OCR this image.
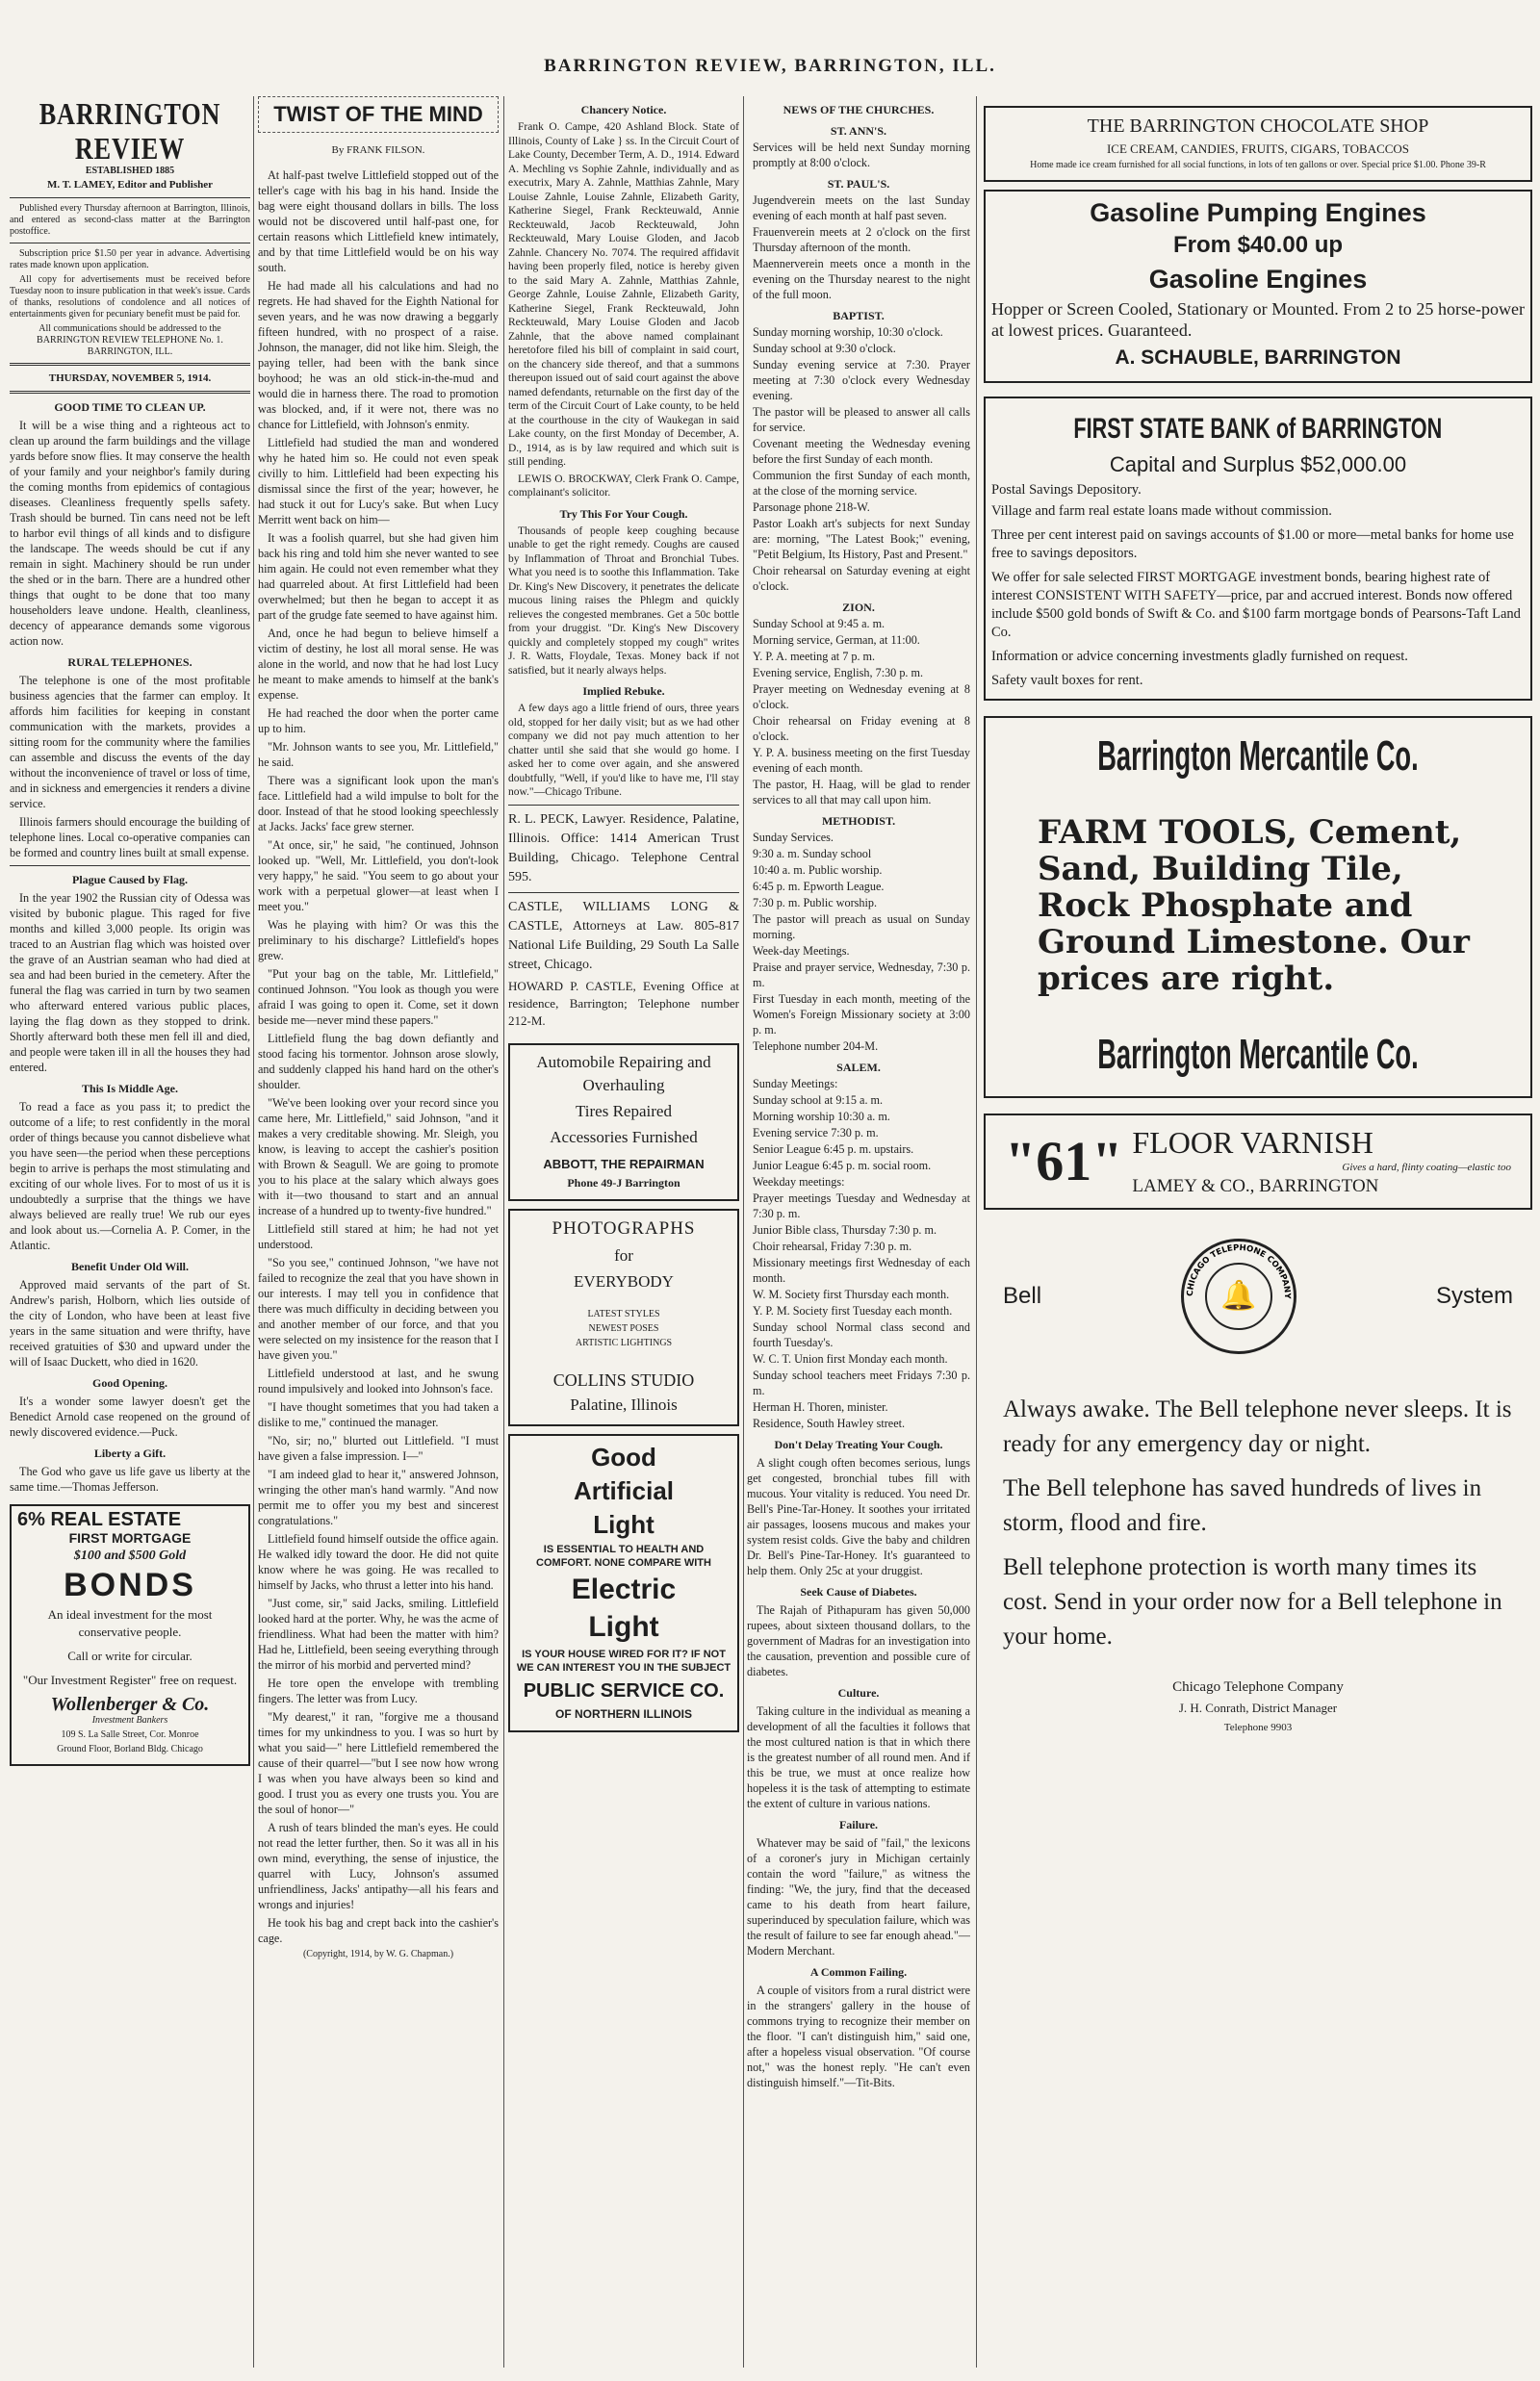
BARRINGTON REVIEW, BARRINGTON, ILL.
BARRINGTON REVIEW
ESTABLISHED 1885
M. T. LAMEY, Editor and Publisher

Published every Thursday afternoon at Barrington, Illinois, and entered as second-class matter at the Barrington postoffice.

Subscription price $1.50 per year in advance. Advertising rates made known upon application.

All copy for advertisements must be received before Tuesday noon to insure publication in that week's issue. Cards of thanks, resolutions of condolence and all notices of entertainments given for pecuniary benefit must be paid for.

All communications should be addressed to the BARRINGTON REVIEW TELEPHONE No. 1. BARRINGTON, ILL.

THURSDAY, NOVEMBER 5, 1914.
GOOD TIME TO CLEAN UP.

It will be a wise thing and a righteous act to clean up around the farm buildings and the village yards before snow flies. It may conserve the health of your family and your neighbor's family during the coming months from epidemics of contagious diseases. Cleanliness frequently spells safety. Trash should be burned. Tin cans need not be left to harbor evil things of all kinds and to disfigure the landscape. The weeds should be cut if any remain in sight. Machinery should be run under the shed or in the barn. There are a hundred other things that ought to be done that too many householders leave undone. Health, cleanliness, decency of appearance demands some vigorous action now.

RURAL TELEPHONES.

The telephone is one of the most profitable business agencies that the farmer can employ. It affords him facilities for keeping in constant communication with the markets, provides a sitting room for the community where the families can assemble and discuss the events of the day without the inconvenience of travel or loss of time, and in sickness and emergencies it renders a divine service.

Illinois farmers should encourage the building of telephone lines. Local co-operative companies can be formed and country lines built at small expense.

Plague Caused by Flag.

In the year 1902 the Russian city of Odessa was visited by bubonic plague. This raged for five months and killed 3,000 people. Its origin was traced to an Austrian flag which was hoisted over the grave of an Austrian seaman who had died at sea and had been buried in the cemetery. After the funeral the flag was carried in turn by two seamen who afterward entered various public places, laying the flag down as they stopped to drink. Shortly afterward both these men fell ill and died, and people were taken ill in all the houses they had entered.

This Is Middle Age.

To read a face as you pass it; to predict the outcome of a life; to rest confidently in the moral order of things because you cannot disbelieve what you have seen—the period when these perceptions begin to arrive is perhaps the most stimulating and exciting of our whole lives. For to most of us it is undoubtedly a surprise that the things we have always believed are really true! We rub our eyes and look about us.—Cornelia A. P. Comer, in the Atlantic.

Benefit Under Old Will.

Approved maid servants of the part of St. Andrew's parish, Holborn, which lies outside of the city of London, who have been at least five years in the same situation and were thrifty, have received gratuities of $30 and upward under the will of Isaac Duckett, who died in 1620.

Good Opening.

It's a wonder some lawyer doesn't get the Benedict Arnold case reopened on the ground of newly discovered evidence.—Puck.

Liberty a Gift.

The God who gave us life gave us liberty at the same time.—Thomas Jefferson.

6% REAL ESTATE

FIRST MORTGAGE

$100 and $500 Gold

BONDS

An ideal investment for the most conservative people.

Call or write for circular.

"Our Investment Register" free on request.

Wollenberger & Co.

Investment Bankers

109 S. La Salle Street, Cor. Monroe

Ground Floor, Borland Bldg. Chicago

TWIST OF THE MIND
By FRANK FILSON.

At half-past twelve Littlefield stopped out of the teller's cage with his bag in his hand. Inside the bag were eight thousand dollars in bills. The loss would not be discovered until half-past one, for certain reasons which Littlefield knew intimately, and by that time Littlefield would be on his way south.

He had made all his calculations and had no regrets. He had shaved for the Eighth National for seven years, and he was now drawing a beggarly fifteen hundred, with no prospect of a raise. Johnson, the manager, did not like him. Sleigh, the paying teller, had been with the bank since boyhood; he was an old stick-in-the-mud and would die in harness there. The road to promotion was blocked, and, if it were not, there was no chance for Littlefield, with Johnson's enmity.

Littlefield had studied the man and wondered why he hated him so. He could not even speak civilly to him. Littlefield had been expecting his dismissal since the first of the year; however, he had stuck it out for Lucy's sake. But when Lucy Merritt went back on him—

It was a foolish quarrel, but she had given him back his ring and told him she never wanted to see him again. He could not even remember what they had quarreled about. At first Littlefield had been overwhelmed; but then he began to accept it as part of the grudge fate seemed to have against him.

And, once he had begun to believe himself a victim of destiny, he lost all moral sense. He was alone in the world, and now that he had lost Lucy he meant to make amends to himself at the bank's expense.

He had reached the door when the porter came up to him.

"Mr. Johnson wants to see you, Mr. Littlefield," he said.

There was a significant look upon the man's face. Littlefield had a wild impulse to bolt for the door. Instead of that he stood looking speechlessly at Jacks. Jacks' face grew sterner.

"At once, sir," he said, "he continued, Johnson looked up. "Well, Mr. Littlefield, you don't-look very happy," he said. "You seem to go about your work with a perpetual glower—at least when I meet you."

Was he playing with him? Or was this the preliminary to his discharge? Littlefield's hopes grew.

"Put your bag on the table, Mr. Littlefield," continued Johnson. "You look as though you were afraid I was going to open it. Come, set it down beside me—never mind these papers."

Littlefield flung the bag down defiantly and stood facing his tormentor. Johnson arose slowly, and suddenly clapped his hand hard on the other's shoulder.

"We've been looking over your record since you came here, Mr. Littlefield," said Johnson, "and it makes a very creditable showing. Mr. Sleigh, you know, is leaving to accept the cashier's position with Brown & Seagull. We are going to promote you to his place at the salary which always goes with it—two thousand to start and an annual increase of a hundred up to twenty-five hundred."

Littlefield still stared at him; he had not yet understood.

"So you see," continued Johnson, "we have not failed to recognize the zeal that you have shown in our interests. I may tell you in confidence that there was much difficulty in deciding between you and another member of our force, and that you were selected on my insistence for the reason that I have given you."

Littlefield understood at last, and he swung round impulsively and looked into Johnson's face.

"I have thought sometimes that you had taken a dislike to me," continued the manager.

"No, sir; no," blurted out Littlefield. "I must have given a false impression. I—"

"I am indeed glad to hear it," answered Johnson, wringing the other man's hand warmly. "And now permit me to offer you my best and sincerest congratulations."

Littlefield found himself outside the office again. He walked idly toward the door. He did not quite know where he was going. He was recalled to himself by Jacks, who thrust a letter into his hand.

"Just come, sir," said Jacks, smiling. Littlefield looked hard at the porter. Why, he was the acme of friendliness. What had been the matter with him? Had he, Littlefield, been seeing everything through the mirror of his morbid and perverted mind?

He tore open the envelope with trembling fingers. The letter was from Lucy.

"My dearest," it ran, "forgive me a thousand times for my unkindness to you. I was so hurt by what you said—" here Littlefield remembered the cause of their quarrel—"but I see now how wrong I was when you have always been so kind and good. I trust you as every one trusts you. You are the soul of honor—"

A rush of tears blinded the man's eyes. He could not read the letter further, then. So it was all in his own mind, everything, the sense of injustice, the quarrel with Lucy, Johnson's assumed unfriendliness, Jacks' antipathy—all his fears and wrongs and injuries!

He took his bag and crept back into the cashier's cage.

(Copyright, 1914, by W. G. Chapman.)

Chancery Notice.

Frank O. Campe, 420 Ashland Block. State of Illinois, County of Lake } ss. In the Circuit Court of Lake County, December Term, A. D., 1914. Edward A. Mechling vs Sophie Zahnle, individually and as executrix, Mary A. Zahnle, Matthias Zahnle, Mary Louise Zahnle, Louise Zahnle, Elizabeth Garity, Katherine Siegel, Frank Reckteuwald, Annie Reckteuwald, Jacob Reckteuwald, John Reckteuwald, Mary Louise Gloden, and Jacob Zahnle. Chancery No. 7074. The required affidavit having been properly filed, notice is hereby given to the said Mary A. Zahnle, Matthias Zahnle, George Zahnle, Louise Zahnle, Elizabeth Garity, Katherine Siegel, Frank Reckteuwald, John Reckteuwald, Mary Louise Gloden and Jacob Zahnle, that the above named complainant heretofore filed his bill of complaint in said court, on the chancery side thereof, and that a summons thereupon issued out of said court against the above named defendants, returnable on the first day of the term of the Circuit Court of Lake county, to be held at the courthouse in the city of Waukegan in said Lake county, on the first Monday of December, A. D., 1914, as is by law required and which suit is still pending.

LEWIS O. BROCKWAY, Clerk Frank O. Campe, complainant's solicitor.

Try This For Your Cough.

Thousands of people keep coughing because unable to get the right remedy. Coughs are caused by Inflammation of Throat and Bronchial Tubes. What you need is to soothe this Inflammation. Take Dr. King's New Discovery, it penetrates the delicate mucous lining raises the Phlegm and quickly relieves the congested membranes. Get a 50c bottle from your druggist. "Dr. King's New Discovery quickly and completely stopped my cough" writes J. R. Watts, Floydale, Texas. Money back if not satisfied, but it nearly always helps.

Implied Rebuke.

A few days ago a little friend of ours, three years old, stopped for her daily visit; but as we had other company we did not pay much attention to her chatter until she said that she would go home. I asked her to come over again, and she answered doubtfully, "Well, if you'd like to have me, I'll stay now."—Chicago Tribune.

R. L. PECK, Lawyer. Residence, Palatine, Illinois. Office: 1414 American Trust Building, Chicago. Telephone Central 595.

CASTLE, WILLIAMS LONG & CASTLE, Attorneys at Law. 805-817 National Life Building, 29 South La Salle street, Chicago.

HOWARD P. CASTLE, Evening Office at residence, Barrington; Telephone number 212-M.

Automobile Repairing and Overhauling

Tires Repaired

Accessories Furnished

ABBOTT, THE REPAIRMAN

Phone 49-J Barrington

PHOTOGRAPHS

for

EVERYBODY

LATEST STYLES

NEWEST POSES

ARTISTIC LIGHTINGS

COLLINS STUDIO

Palatine, Illinois

Good

Artificial

Light

IS ESSENTIAL TO HEALTH AND COMFORT. NONE COMPARE WITH

Electric

Light

IS YOUR HOUSE WIRED FOR IT? IF NOT WE CAN INTEREST YOU IN THE SUBJECT

PUBLIC SERVICE CO.

OF NORTHERN ILLINOIS

NEWS OF THE CHURCHES.

ST. ANN'S.

Services will be held next Sunday morning promptly at 8:00 o'clock.

ST. PAUL'S.

Jugendverein meets on the last Sunday evening of each month at half past seven.

Frauenverein meets at 2 o'clock on the first Thursday afternoon of the month.

Maennerverein meets once a month in the evening on the Thursday nearest to the night of the full moon.

BAPTIST.

Sunday morning worship, 10:30 o'clock.

Sunday school at 9:30 o'clock.

Sunday evening service at 7:30. Prayer meeting at 7:30 o'clock every Wednesday evening.

The pastor will be pleased to answer all calls for service.

Covenant meeting the Wednesday evening before the first Sunday of each month.

Communion the first Sunday of each month, at the close of the morning service.

Parsonage phone 218-W.

Pastor Loakh art's subjects for next Sunday are: morning, "The Latest Book;" evening, "Petit Belgium, Its History, Past and Present."

Choir rehearsal on Saturday evening at eight o'clock.

ZION.

Sunday School at 9:45 a. m.

Morning service, German, at 11:00.

Y. P. A. meeting at 7 p. m.

Evening service, English, 7:30 p. m.

Prayer meeting on Wednesday evening at 8 o'clock.

Choir rehearsal on Friday evening at 8 o'clock.

Y. P. A. business meeting on the first Tuesday evening of each month.

The pastor, H. Haag, will be glad to render services to all that may call upon him.

METHODIST.

Sunday Services.

9:30 a. m. Sunday school

10:40 a. m. Public worship.

6:45 p. m. Epworth League.

7:30 p. m. Public worship.

The pastor will preach as usual on Sunday morning.

Week-day Meetings.

Praise and prayer service, Wednesday, 7:30 p. m.

First Tuesday in each month, meeting of the Women's Foreign Missionary society at 3:00 p. m.

Telephone number 204-M.

SALEM.

Sunday Meetings:

Sunday school at 9:15 a. m.

Morning worship 10:30 a. m.

Evening service 7:30 p. m.

Senior League 6:45 p. m. upstairs.

Junior League 6:45 p. m. social room.

Weekday meetings:

Prayer meetings Tuesday and Wednesday at 7:30 p. m.

Junior Bible class, Thursday 7:30 p. m.

Choir rehearsal, Friday 7:30 p. m.

Missionary meetings first Wednesday of each month.

W. M. Society first Thursday each month.

Y. P. M. Society first Tuesday each month.

Sunday school Normal class second and fourth Tuesday's.

W. C. T. Union first Monday each month.

Sunday school teachers meet Fridays 7:30 p. m.

Herman H. Thoren, minister.

Residence, South Hawley street.

Don't Delay Treating Your Cough.

A slight cough often becomes serious, lungs get congested, bronchial tubes fill with mucous. Your vitality is reduced. You need Dr. Bell's Pine-Tar-Honey. It soothes your irritated air passages, loosens mucous and makes your system resist colds. Give the baby and children Dr. Bell's Pine-Tar-Honey. It's guaranteed to help them. Only 25c at your druggist.

Seek Cause of Diabetes.

The Rajah of Pithapuram has given 50,000 rupees, about sixteen thousand dollars, to the government of Madras for an investigation into the causation, prevention and possible cure of diabetes.

Culture.

Taking culture in the individual as meaning a development of all the faculties it follows that the most cultured nation is that in which there is the greatest number of all round men. And if this be true, we must at once realize how hopeless it is the task of attempting to estimate the extent of culture in various nations.

Failure.

Whatever may be said of "fail," the lexicons of a coroner's jury in Michigan certainly contain the word "failure," as witness the finding: "We, the jury, find that the deceased came to his death from heart failure, superinduced by speculation failure, which was the result of failure to see far enough ahead."—Modern Merchant.

A Common Failing.

A couple of visitors from a rural district were in the strangers' gallery in the house of commons trying to recognize their member on the floor. "I can't distinguish him," said one, after a hopeless visual observation. "Of course not," was the honest reply. "He can't even distinguish himself."—Tit-Bits.

THE BARRINGTON CHOCOLATE SHOP

ICE CREAM, CANDIES, FRUITS, CIGARS, TOBACCOS

Home made ice cream furnished for all social functions, in lots of ten gallons or over. Special price $1.00. Phone 39-R

Gasoline Pumping Engines

From $40.00 up

Gasoline Engines

Hopper or Screen Cooled, Stationary or Mounted. From 2 to 25 horse-power at lowest prices. Guaranteed.

A. SCHAUBLE, BARRINGTON

FIRST STATE BANK of BARRINGTON

Capital and Surplus $52,000.00

Postal Savings Depository.

Village and farm real estate loans made without commission.

Three per cent interest paid on savings accounts of $1.00 or more—metal banks for home use free to savings depositors.

We offer for sale selected FIRST MORTGAGE investment bonds, bearing highest rate of interest CONSISTENT WITH SAFETY—price, par and accrued interest. Bonds now offered include $500 gold bonds of Swift & Co. and $100 farm mortgage bonds of Pearsons-Taft Land Co.

Information or advice concerning investments gladly furnished on request.

Safety vault boxes for rent.

Barrington Mercantile Co.

FARM TOOLS, Cement, Sand, Building Tile, Rock Phosphate and Ground Limestone. Our prices are right.

Barrington Mercantile Co.

"61" FLOOR VARNISH
Gives a hard, flinty coating—elastic too
LAMEY & CO., BARRINGTON
Bell	CHICAGO TELEPHONE COMPANY
🔔	System

Always awake. The Bell telephone never sleeps. It is ready for any emergency day or night.

The Bell telephone has saved hundreds of lives in storm, flood and fire.

Bell telephone protection is worth many times its cost. Send in your order now for a Bell telephone in your home.

Chicago Telephone Company

J. H. Conrath, District Manager

Telephone 9903
